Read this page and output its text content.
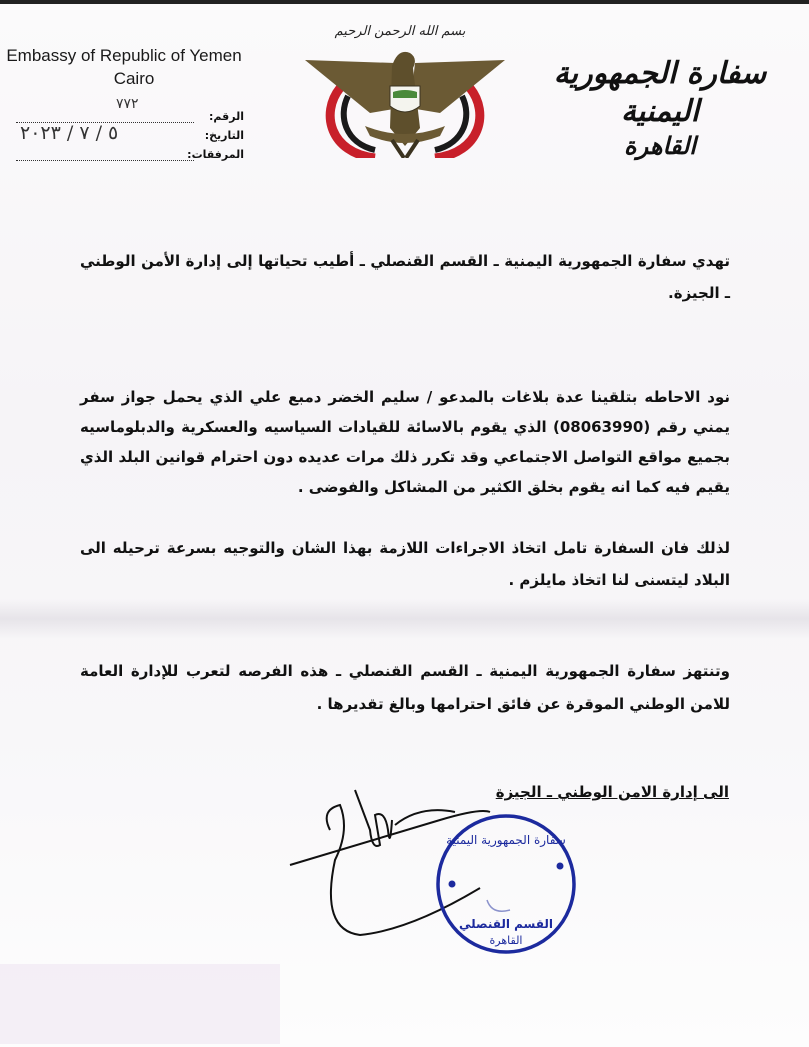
Embassy of Republic of Yemen
Cairo
الرقم:
٧٧٢
التاريخ:
٥ / ٧ / ٢٠٢٣
المرفقات:
بسم الله الرحمن الرحيم
سفارة الجمهورية اليمنية
القاهرة

تهدي سفارة الجمهورية اليمنية ـ القسم القنصلي ـ أطيب تحياتها إلى إدارة الأمن الوطني ـ الجيزة.

نود الاحاطه بتلقينا عدة بلاغات بالمدعو / سليم الخضر دمبع علي الذي يحمل جواز سفر يمني رقم (08063990) الذي يقوم بالاسائة للقيادات السياسيه والعسكرية والدبلوماسيه بجميع مواقع التواصل الاجتماعي وقد تكرر ذلك مرات عديده دون احترام قوانين البلد الذي يقيم فيه كما انه يقوم بخلق الكثير من المشاكل والفوضى .

لذلك فان السفارة تامل اتخاذ الاجراءات اللازمة بهذا الشان والتوجيه بسرعة ترحيله الى البلاد ليتسنى لنا اتخاذ مايلزم .

وتنتهز سفارة الجمهورية اليمنية ـ القسم القنصلي ـ هذه الفرصه لتعرب للإدارة العامة للامن الوطني الموقرة عن فائق احترامها وبالغ تقديرها .

الى إدارة الامن الوطني ـ الجيزة
سفارة الجمهورية اليمنية
القسم القنصلي
القاهرة
